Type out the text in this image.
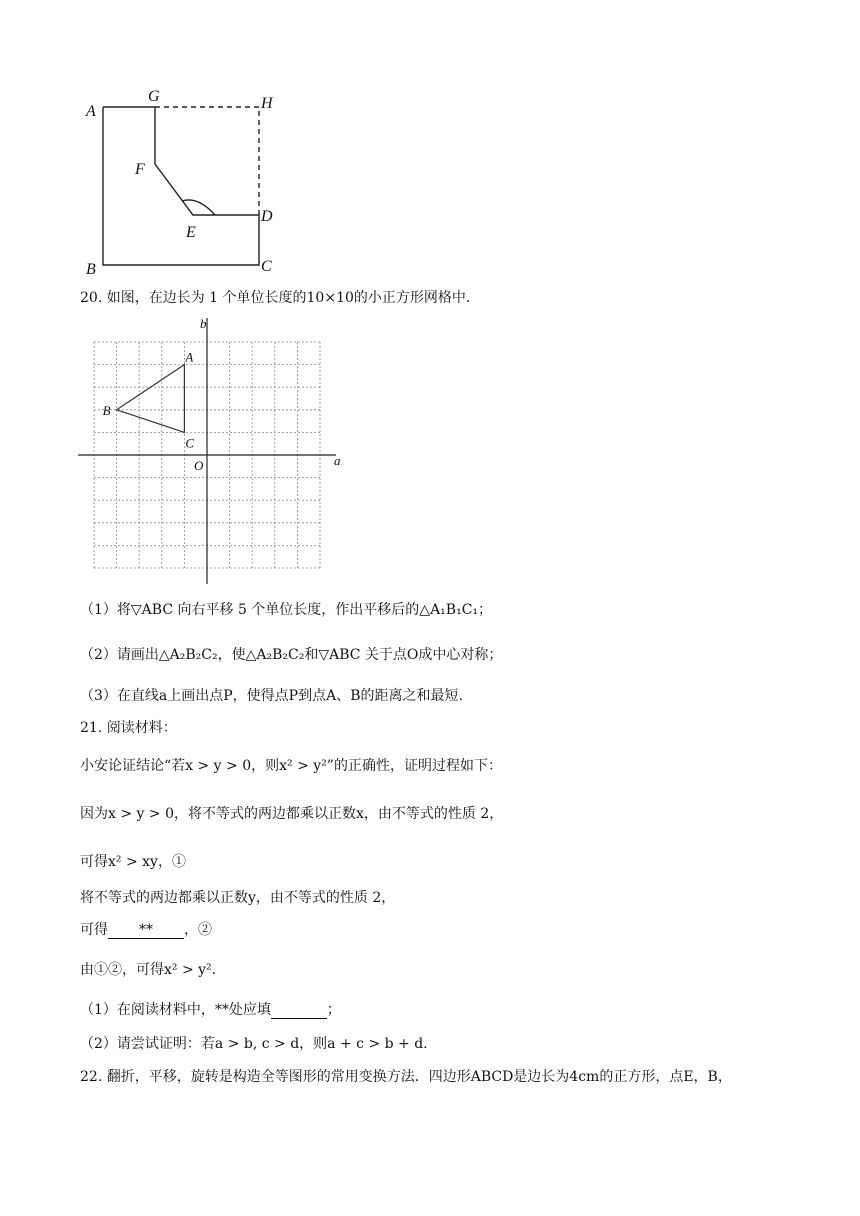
A
G	H
F
E
D
B	C
20. 如图，在边长为 1 个单位长度的10×10的小正方形网格中.
A
B
C
O	a
b
（1）将▽ABC 向右平移 5 个单位长度，作出平移后的△A₁B₁C₁；
（2）请画出△A₂B₂C₂，使△A₂B₂C₂和▽ABC 关于点O成中心对称；
（3）在直线a上画出点P，使得点P到点A、B的距离之和最短.
21. 阅读材料：
小安论证结论“若x > y > 0，则x² > y²”的正确性，证明过程如下：
因为x > y > 0，将不等式的两边都乘以正数x，由不等式的性质 2，
可得x² > xy，①
将不等式的两边都乘以正数y，由不等式的性质 2，
可得 ** ，②
由①②，可得x² > y².
（1）在阅读材料中，**处应填	；
（2）请尝试证明：若a > b, c > d，则a + c > b + d.
22. 翻折，平移，旋转是构造全等图形的常用变换方法．四边形ABCD是边长为4cm的正方形，点E，B，
